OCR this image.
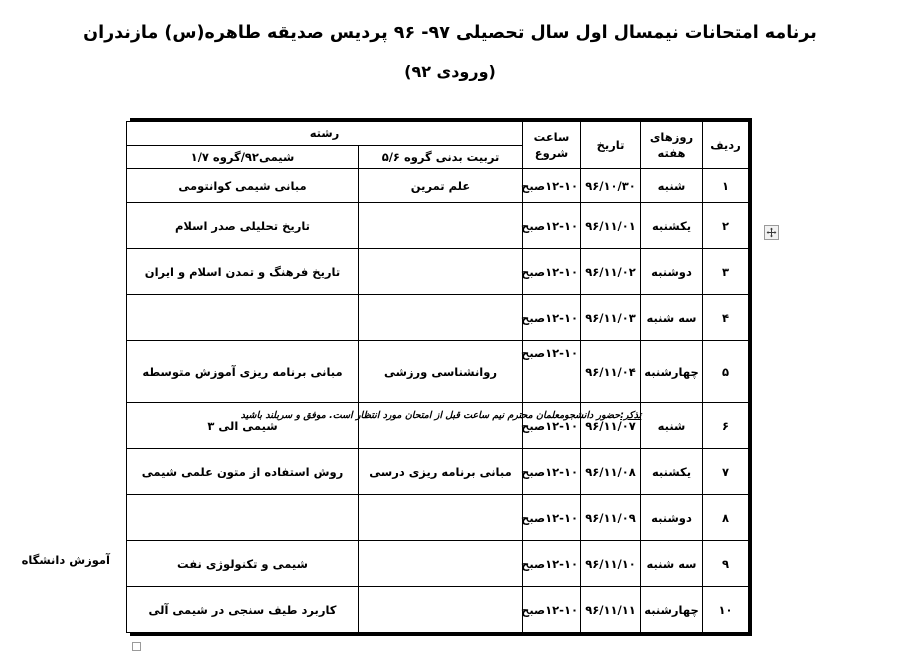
برنامه امتحانات نیمسال اول سال تحصیلی ۹۷- ۹۶ پردیس صدیقه طاهره(س) مازندران
(ورودی ۹۲)
ردیف	روزهای هفته	تاریخ	ساعت شروع	رشته	
				تربیت بدنی گروه ۵/۶	شیمی۹۲/گروه ۱/۷
۱	شنبه	۹۶/۱۰/۳۰	۱۲-۱۰صبح	علم تمرین	مبانی شیمی کوانتومی
۲	یکشنبه	۹۶/۱۱/۰۱	۱۲-۱۰صبح		تاریخ تحلیلی صدر اسلام
۳	دوشنبه	۹۶/۱۱/۰۲	۱۲-۱۰صبح		تاریخ فرهنگ و تمدن اسلام و ایران
۴	سه شنبه	۹۶/۱۱/۰۳	۱۲-۱۰صبح		
۵	چهارشنبه	۹۶/۱۱/۰۴	۱۲-۱۰صبح	روانشناسی ورزشی	مبانی برنامه ریزی آموزش متوسطه
۶	شنبه	۹۶/۱۱/۰۷	۱۲-۱۰صبح		شیمی الی ۳
۷	یکشنبه	۹۶/۱۱/۰۸	۱۲-۱۰صبح	مبانی برنامه ریزی درسی	روش استفاده از متون علمی شیمی
۸	دوشنبه	۹۶/۱۱/۰۹	۱۲-۱۰صبح		
۹	سه شنبه	۹۶/۱۱/۱۰	۱۲-۱۰صبح		شیمی و تکنولوژی نفت
۱۰	چهارشنبه	۹۶/۱۱/۱۱	۱۲-۱۰صبح		کاربرد طیف سنجی در شیمی آلی
تذکر:حضور دانشجومعلمان محترم نیم ساعت قبل از امتحان مورد انتظار است. موفق و سربلند باشید
آموزش دانشگاه
